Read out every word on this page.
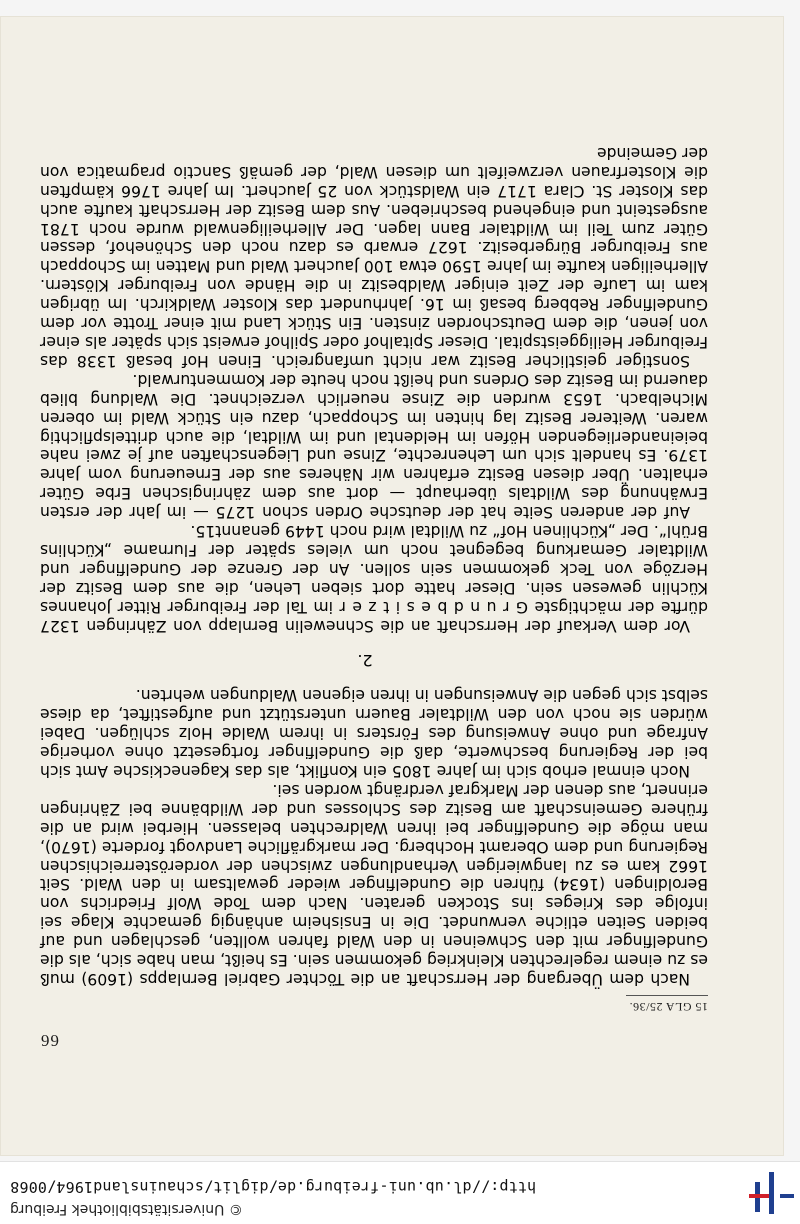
© Universitätsbibliothek Freiburg
http://dl.ub.uni-freiburg.de/diglit/schauinsland1964/0068
66
15 GLA 25/36.

Nach dem Übergang der Herrschaft an die Töchter Gabriel Bernlapps (1609) muß es zu einem regelrechten Kleinkrieg gekommen sein. Es heißt, man habe sich, als die Gundelfinger mit den Schweinen in den Wald fahren wollten, geschlagen und auf beiden Seiten etliche verwundet. Die in Ensisheim anhängig gemachte Klage sei infolge des Krieges ins Stocken geraten. Nach dem Tode Wolf Friedrichs von Beroldingen (1634) führen die Gundelfinger wieder gewaltsam in den Wald. Seit 1662 kam es zu langwierigen Verhandlungen zwischen der vorderösterreichischen Regierung und dem Oberamt Hochberg. Der markgräfliche Landvogt forderte (1670), man möge die Gundelfinger bei ihren Waldrechten belassen. Hierbei wird an die frühere Gemeinschaft am Besitz des Schlosses und der Wildbänne bei Zähringen erinnert, aus denen der Markgraf verdrängt worden sei.

Noch einmal erhob sich im Jahre 1805 ein Konflikt, als das Kageneckische Amt sich bei der Regierung beschwerte, daß die Gundelfinger fortgesetzt ohne vorherige Anfrage und ohne Anweisung des Försters in ihrem Walde Holz schlügen. Dabei würden sie noch von den Wildtaler Bauern unterstützt und aufgestiftet, da diese selbst sich gegen die Anweisungen in ihren eigenen Waldungen wehrten.

2.

Vor dem Verkauf der Herrschaft an die Schnewelin Bernlapp von Zähringen 1327 dürfte der mächtigste G r u n d b e s i t z e r im Tal der Freiburger Ritter Johannes Küchlin gewesen sein. Dieser hatte dort sieben Lehen, die aus dem Besitz der Herzöge von Teck gekommen sein sollen. An der Grenze der Gundelfinger und Wildtaler Gemarkung begegnet noch um vieles später der Flurname „Küchlins Brühl“. Der „Küchlinen Hof“ zu Wildtal wird noch 1449 genannt15.

Auf der anderen Seite hat der deutsche Orden schon 1275 — im Jahr der ersten Erwähnung des Wildtals überhaupt — dort aus dem zähringischen Erbe Güter erhalten. Über diesen Besitz erfahren wir Näheres aus der Erneuerung vom Jahre 1379. Es handelt sich um Lehenrechte, Zinse und Liegenschaften auf je zwei nahe beieinanderliegenden Höfen im Heldental und im Wildtal, die auch drittelspflichtig waren. Weiterer Besitz lag hinten im Schoppach, dazu ein Stück Wald im oberen Michelbach. 1653 wurden die Zinse neuerlich verzeichnet. Die Waldung blieb dauernd im Besitz des Ordens und heißt noch heute der Kommenturwald.

Sonstiger geistlicher Besitz war nicht umfangreich. Einen Hof besaß 1338 das Freiburger Heiliggeistspital. Dieser Spitalhof oder Spilhof erweist sich später als einer von jenen, die dem Deutschorden zinsten. Ein Stück Land mit einer Trotte vor dem Gundelfinger Rebberg besaß im 16. Jahrhundert das Kloster Waldkirch. Im übrigen kam im Laufe der Zeit einiger Waldbesitz in die Hände von Freiburger Klöstern. Allerheiligen kaufte im Jahre 1590 etwa 100 Jauchert Wald und Matten im Schoppach aus Freiburger Bürgerbesitz. 1627 erwarb es dazu noch den Schönehof, dessen Güter zum Teil im Wildtaler Bann lagen. Der Allerheiligenwald wurde noch 1781 ausgesteint und eingehend beschrieben. Aus dem Besitz der Herrschaft kaufte auch das Kloster St. Clara 1717 ein Waldstück von 25 Jauchert. Im Jahre 1766 kämpften die Klosterfrauen verzweifelt um diesen Wald, der gemäß Sanctio pragmatica von der Gemeinde
